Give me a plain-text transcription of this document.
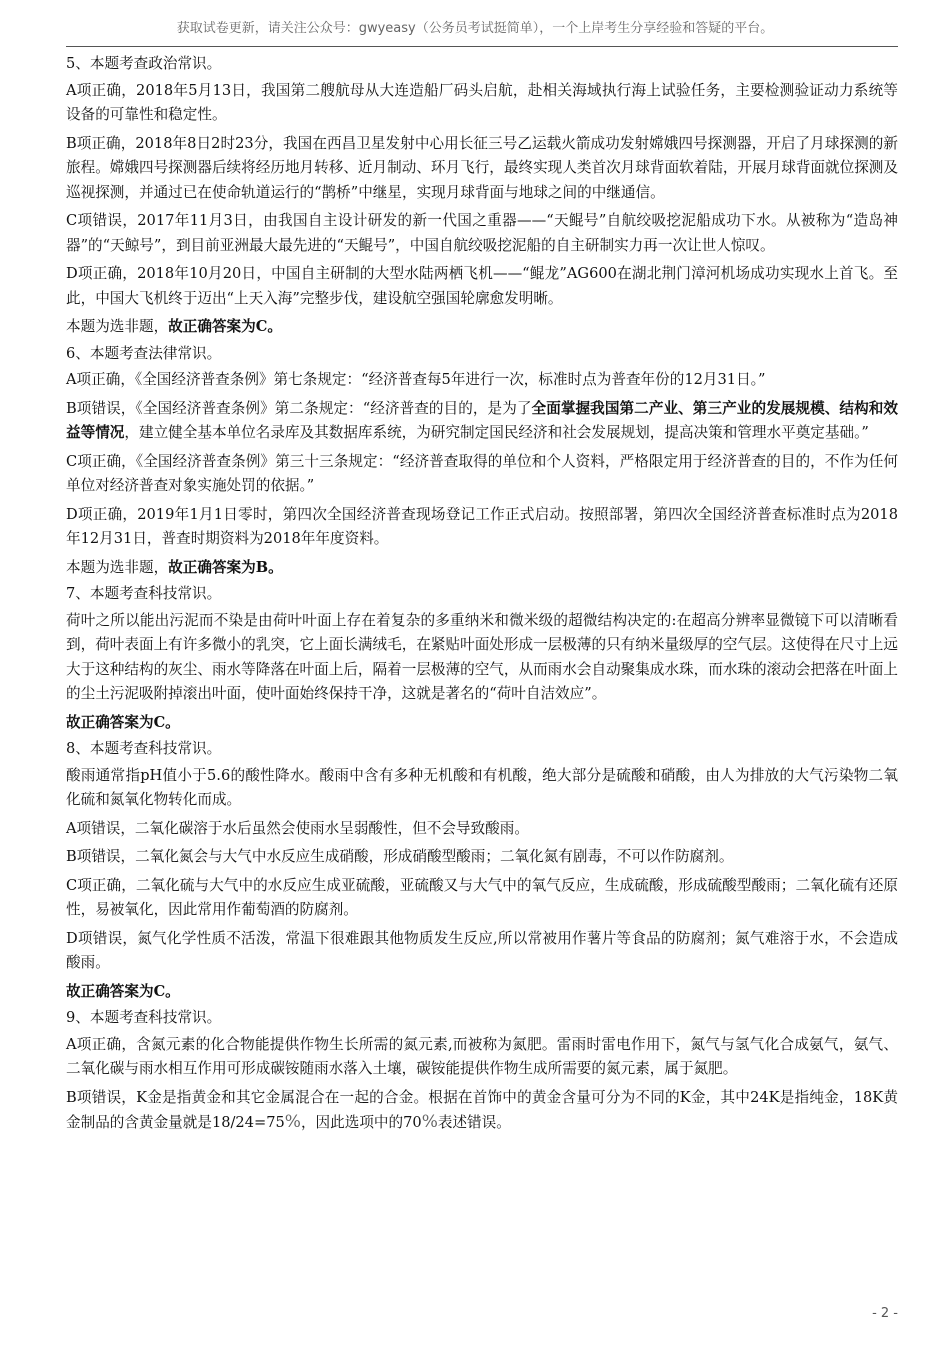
获取试卷更新，请关注公众号：gwyeasy（公务员考试挺简单），一个上岸考生分享经验和答疑的平台。

5、本题考查政治常识。

A项正确，2018年5月13日，我国第二艘航母从大连造船厂码头启航，赴相关海域执行海上试验任务，主要检测验证动力系统等设备的可靠性和稳定性。

B项正确，2018年8日2时23分，我国在西昌卫星发射中心用长征三号乙运载火箭成功发射嫦娥四号探测器，开启了月球探测的新旅程。嫦娥四号探测器后续将经历地月转移、近月制动、环月飞行，最终实现人类首次月球背面软着陆，开展月球背面就位探测及巡视探测，并通过已在使命轨道运行的“鹊桥”中继星，实现月球背面与地球之间的中继通信。

C项错误，2017年11月3日，由我国自主设计研发的新一代国之重器——“天鲲号”自航绞吸挖泥船成功下水。从被称为“造岛神器”的“天鲸号”，到目前亚洲最大最先进的“天鲲号”，中国自航绞吸挖泥船的自主研制实力再一次让世人惊叹。

D项正确，2018年10月20日，中国自主研制的大型水陆两栖飞机——“鲲龙”AG600在湖北荆门漳河机场成功实现水上首飞。至此，中国大飞机终于迈出“上天入海”完整步伐，建设航空强国轮廓愈发明晰。

本题为选非题，故正确答案为C。

6、本题考查法律常识。

A项正确，《全国经济普查条例》第七条规定：“经济普查每5年进行一次，标准时点为普查年份的12月31日。”

B项错误，《全国经济普查条例》第二条规定：“经济普查的目的，是为了全面掌握我国第二产业、第三产业的发展规模、结构和效益等情况，建立健全基本单位名录库及其数据库系统，为研究制定国民经济和社会发展规划，提高决策和管理水平奠定基础。”

C项正确，《全国经济普查条例》第三十三条规定：“经济普查取得的单位和个人资料，严格限定用于经济普查的目的，不作为任何单位对经济普查对象实施处罚的依据。”

D项正确，2019年1月1日零时，第四次全国经济普查现场登记工作正式启动。按照部署，第四次全国经济普查标准时点为2018年12月31日，普查时期资料为2018年年度资料。

本题为选非题，故正确答案为B。

7、本题考查科技常识。

荷叶之所以能出污泥而不染是由荷叶叶面上存在着复杂的多重纳米和微米级的超微结构决定的:在超高分辨率显微镜下可以清晰看到，荷叶表面上有许多微小的乳突，它上面长满绒毛，在紧贴叶面处形成一层极薄的只有纳米量级厚的空气层。这使得在尺寸上远大于这种结构的灰尘、雨水等降落在叶面上后，隔着一层极薄的空气，从而雨水会自动聚集成水珠，而水珠的滚动会把落在叶面上的尘土污泥吸附掉滚出叶面，使叶面始终保持干净，这就是著名的“荷叶自洁效应”。

故正确答案为C。

8、本题考查科技常识。

酸雨通常指pH值小于5.6的酸性降水。酸雨中含有多种无机酸和有机酸，绝大部分是硫酸和硝酸，由人为排放的大气污染物二氧化硫和氮氧化物转化而成。

A项错误，二氧化碳溶于水后虽然会使雨水呈弱酸性，但不会导致酸雨。

B项错误，二氧化氮会与大气中水反应生成硝酸，形成硝酸型酸雨；二氧化氮有剧毒，不可以作防腐剂。

C项正确，二氧化硫与大气中的水反应生成亚硫酸，亚硫酸又与大气中的氧气反应，生成硫酸，形成硫酸型酸雨；二氧化硫有还原性，易被氧化，因此常用作葡萄酒的防腐剂。

D项错误，氮气化学性质不活泼，常温下很难跟其他物质发生反应,所以常被用作薯片等食品的防腐剂；氮气难溶于水，不会造成酸雨。

故正确答案为C。

9、本题考查科技常识。

A项正确，含氮元素的化合物能提供作物生长所需的氮元素,而被称为氮肥。雷雨时雷电作用下，氮气与氢气化合成氨气，氨气、二氧化碳与雨水相互作用可形成碳铵随雨水落入土壤，碳铵能提供作物生成所需要的氮元素，属于氮肥。

B项错误，K金是指黄金和其它金属混合在一起的合金。根据在首饰中的黄金含量可分为不同的K金，其中24K是指纯金，18K黄金制品的含黄金量就是18/24=75%，因此选项中的70%表述错误。

- 2 -
